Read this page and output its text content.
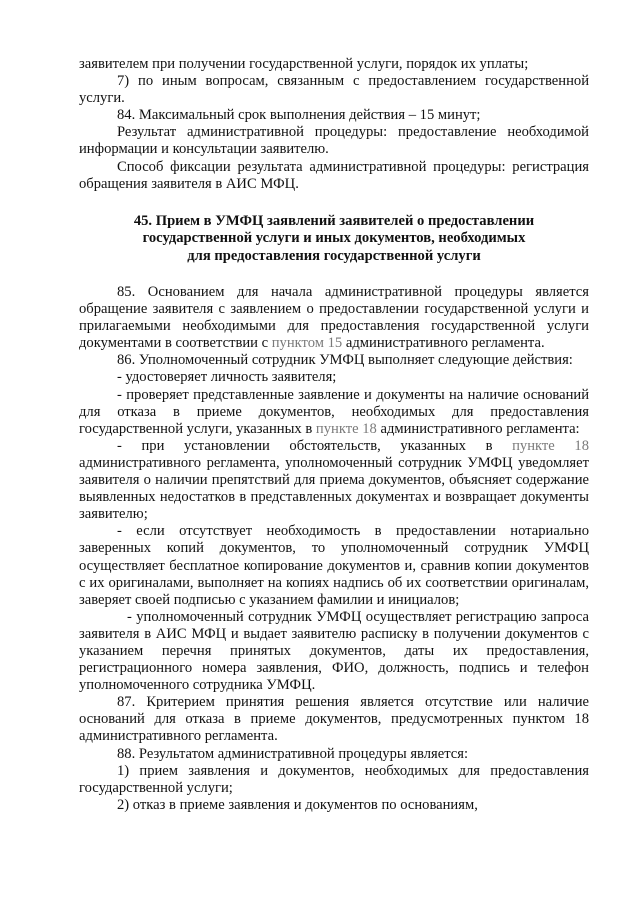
заявителем при получении государственной услуги, порядок их уплаты;

7) по иным вопросам, связанным с предоставлением государственной услуги.

84. Максимальный срок выполнения действия – 15 минут;

Результат административной процедуры: предоставление необходимой информации и консультации заявителю.

Способ фиксации результата административной процедуры: регистрация обращения заявителя в АИС МФЦ.

45. Прием в УМФЦ заявлений заявителей о предоставлении
государственной услуги и иных документов, необходимых
для предоставления государственной услуги

85. Основанием для начала административной процедуры является обращение заявителя с заявлением о предоставлении государственной услуги и прилагаемыми необходимыми для предоставления государственной услуги документами в соответствии с пунктом 15 административного регламента.

86. Уполномоченный сотрудник УМФЦ выполняет следующие действия:

- удостоверяет личность заявителя;

- проверяет представленные заявление и документы на наличие оснований для отказа в приеме документов, необходимых для предоставления государственной услуги, указанных в пункте 18 административного регламента:

- при установлении обстоятельств, указанных в пункте 18 административного регламента, уполномоченный сотрудник УМФЦ уведомляет заявителя о наличии препятствий для приема документов, объясняет содержание выявленных недостатков в представленных документах и возвращает документы заявителю;

- если отсутствует необходимость в предоставлении нотариально заверенных копий документов, то уполномоченный сотрудник УМФЦ осуществляет бесплатное копирование документов и, сравнив копии документов с их оригиналами, выполняет на копиях надпись об их соответствии оригиналам, заверяет своей подписью с указанием фамилии и инициалов;

- уполномоченный сотрудник УМФЦ осуществляет регистрацию запроса заявителя в АИС МФЦ и выдает заявителю расписку в получении документов с указанием перечня принятых документов, даты их предоставления, регистрационного номера заявления, ФИО, должность, подпись и телефон уполномоченного сотрудника УМФЦ.

87. Критерием принятия решения является отсутствие или наличие оснований для отказа в приеме документов, предусмотренных пунктом 18 административного регламента.

88. Результатом административной процедуры является:

1) прием заявления и документов, необходимых для предоставления государственной услуги;

2) отказ в приеме заявления и документов по основаниям,
